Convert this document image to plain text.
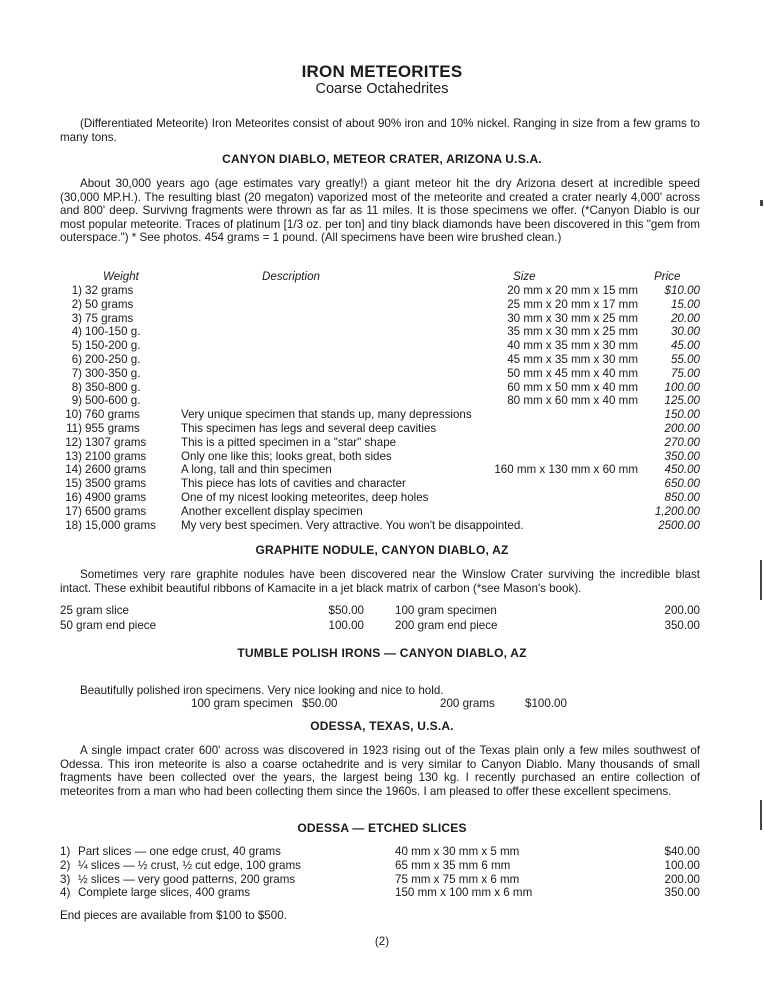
IRON METEORITES
Coarse Octahedrites
(Differentiated Meteorite) Iron Meteorites consist of about 90% iron and 10% nickel. Ranging in size from a few grams to many tons.
CANYON DIABLO, METEOR CRATER, ARIZONA U.S.A.
About 30,000 years ago (age estimates vary greatly!) a giant meteor hit the dry Arizona desert at incredible speed (30,000 MP.H.). The resulting blast (20 megaton) vaporized most of the meteorite and created a crater nearly 4,000' across and 800' deep. Survivng fragments were thrown as far as 11 miles. It is those specimens we offer. (*Canyon Diablo is our most popular meteorite. Traces of platinum [1/3 oz. per ton] and tiny black diamonds have been discovered in this "gem from outerspace.") * See photos. 454 grams = 1 pound. (All specimens have been wire brushed clean.)
Weight	Description	Size	Price
1) 32 grams	20 mm x 20 mm x 15 mm	$10.00
2) 50 grams	25 mm x 20 mm x 17 mm	15.00
3) 75 grams	30 mm x 30 mm x 25 mm	20.00
4) 100-150 g.	35 mm x 30 mm x 25 mm	30.00
5) 150-200 g.	40 mm x 35 mm x 30 mm	45.00
6) 200-250 g.	45 mm x 35 mm x 30 mm	55.00
7) 300-350 g.	50 mm x 45 mm x 40 mm	75.00
8) 350-800 g.	60 mm x 50 mm x 40 mm	100.00
9) 500-600 g.	80 mm x 60 mm x 40 mm	125.00
10) 760 grams	Very unique specimen that stands up, many depressions	150.00
11) 955 grams	This specimen has legs and several deep cavities	200.00
12) 1307 grams	This is a pitted specimen in a "star" shape	270.00
13) 2100 grams	Only one like this; looks great, both sides	350.00
14) 2600 grams	A long, tall and thin specimen	160 mm x 130 mm x 60 mm	450.00
15) 3500 grams	This piece has lots of cavities and character	650.00
16) 4900 grams	One of my nicest looking meteorites, deep holes	850.00
17) 6500 grams	Another excellent display specimen	1,200.00
18) 15,000 grams My very best specimen. Very attractive. You won't be disappointed.	2500.00
GRAPHITE NODULE, CANYON DIABLO, AZ
Sometimes very rare graphite nodules have been discovered near the Winslow Crater surviving the incredible blast intact. These exhibit beautiful ribbons of Kamacite in a jet black matrix of carbon (*see Mason's book).
25 gram slice	$50.00	100 gram specimen	200.00
50 gram end piece	100.00	200 gram end piece	350.00
TUMBLE POLISH IRONS — CANYON DIABLO, AZ
Beautifully polished iron specimens. Very nice looking and nice to hold.
100 gram specimen $50.00	200 grams	$100.00
ODESSA, TEXAS, U.S.A.
A single impact crater 600' across was discovered in 1923 rising out of the Texas plain only a few miles southwest of Odessa. This iron meteorite is also a coarse octahedrite and is very similar to Canyon Diablo. Many thousands of small fragments have been collected over the years, the largest being 130 kg. I recently purchased an entire collection of meteorites from a man who had been collecting them since the 1960s. I am pleased to offer these excellent specimens.
ODESSA — ETCHED SLICES
1) Part slices — one edge crust, 40 grams	40 mm x 30 mm x 5 mm	$40.00
2) ¼ slices — ½ crust, ½ cut edge, 100 grams	65 mm x 35 mm 6 mm	100.00
3) ½ slices — very good patterns, 200 grams	75 mm x 75 mm x 6 mm	200.00
4) Complete large slices, 400 grams	150 mm x 100 mm x 6 mm	350.00
End pieces are available from $100 to $500.
(2)
